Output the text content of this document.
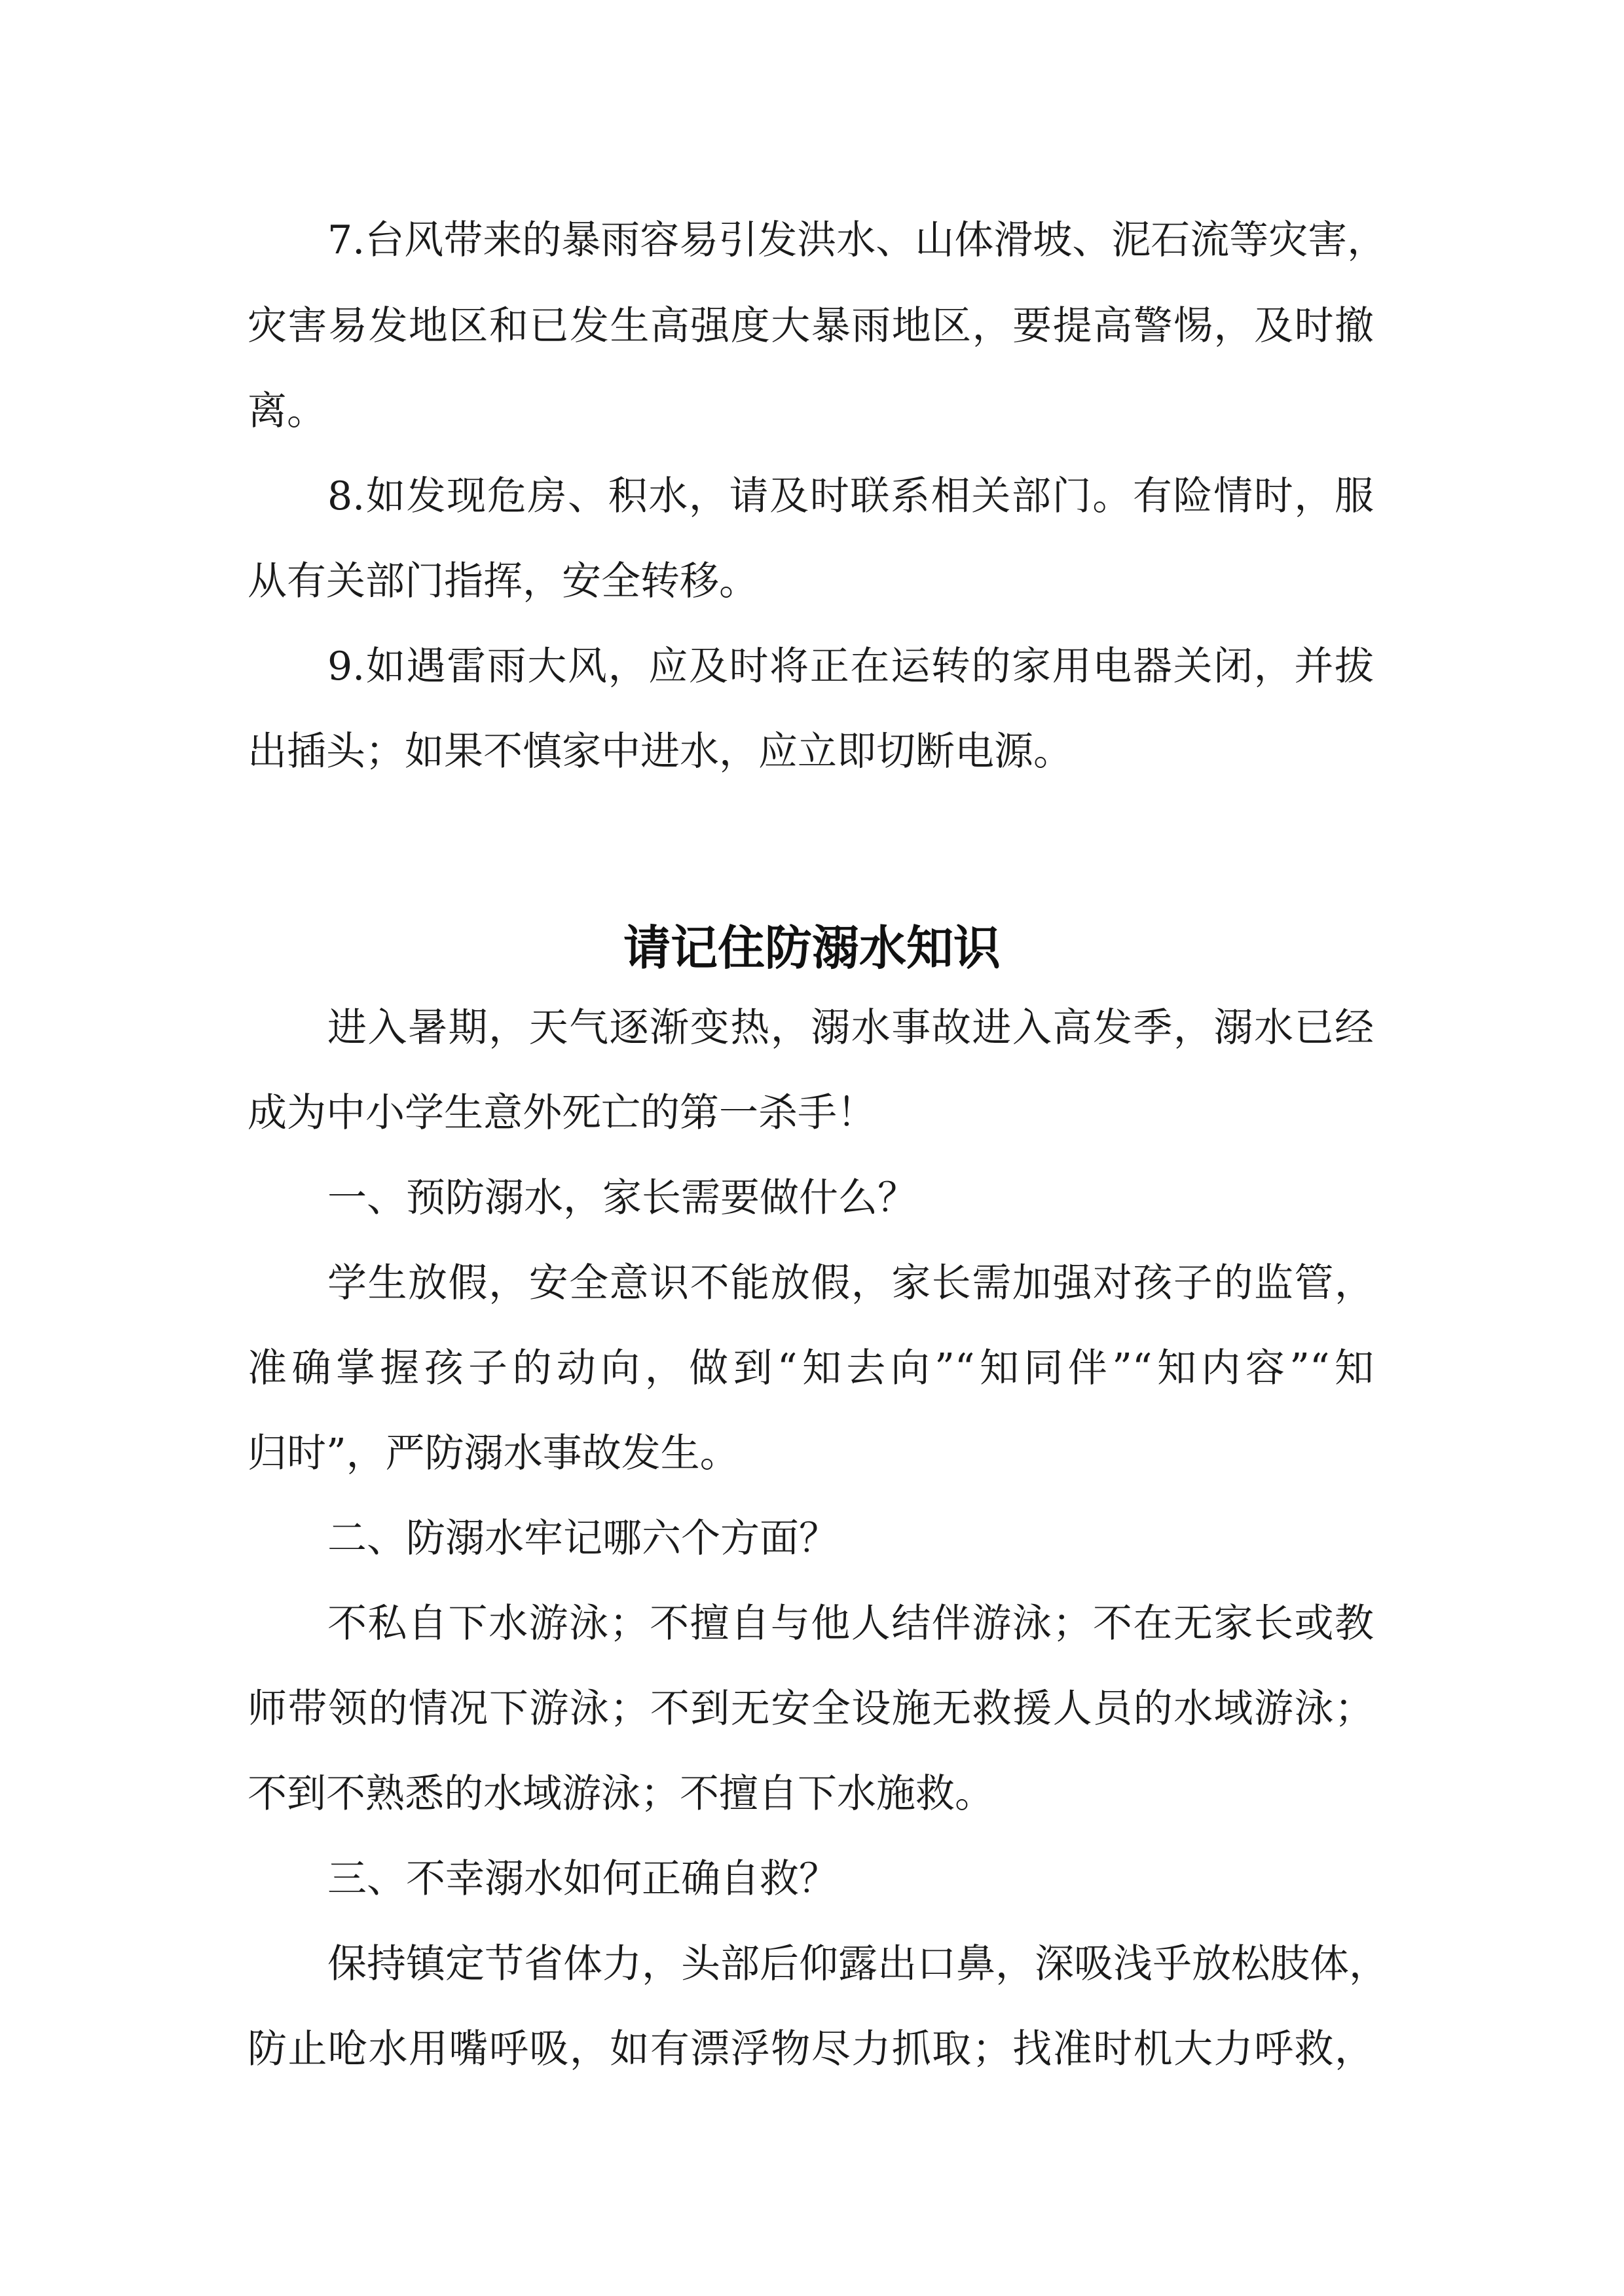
7.台风带来的暴雨容易引发洪水、山体滑坡、泥石流等灾害，

灾害易发地区和已发生高强度大暴雨地区，要提高警惕，及时撤

离。

8.如发现危房、积水，请及时联系相关部门。有险情时，服

从有关部门指挥，安全转移。

9.如遇雷雨大风，应及时将正在运转的家用电器关闭，并拔

出插头；如果不慎家中进水，应立即切断电源。

请记住防溺水知识

进入暑期，天气逐渐变热，溺水事故进入高发季，溺水已经

成为中小学生意外死亡的第一杀手！

一、预防溺水，家长需要做什么？

学生放假，安全意识不能放假，家长需加强对孩子的监管，

准确掌握孩子的动向，做到“知去向”“知同伴”“知内容”“知

归时”，严防溺水事故发生。

二、防溺水牢记哪六个方面？

不私自下水游泳；不擅自与他人结伴游泳；不在无家长或教

师带领的情况下游泳；不到无安全设施无救援人员的水域游泳；

不到不熟悉的水域游泳；不擅自下水施救。

三、不幸溺水如何正确自救？

保持镇定节省体力，头部后仰露出口鼻，深吸浅乎放松肢体，

防止呛水用嘴呼吸，如有漂浮物尽力抓取；找准时机大力呼救，
